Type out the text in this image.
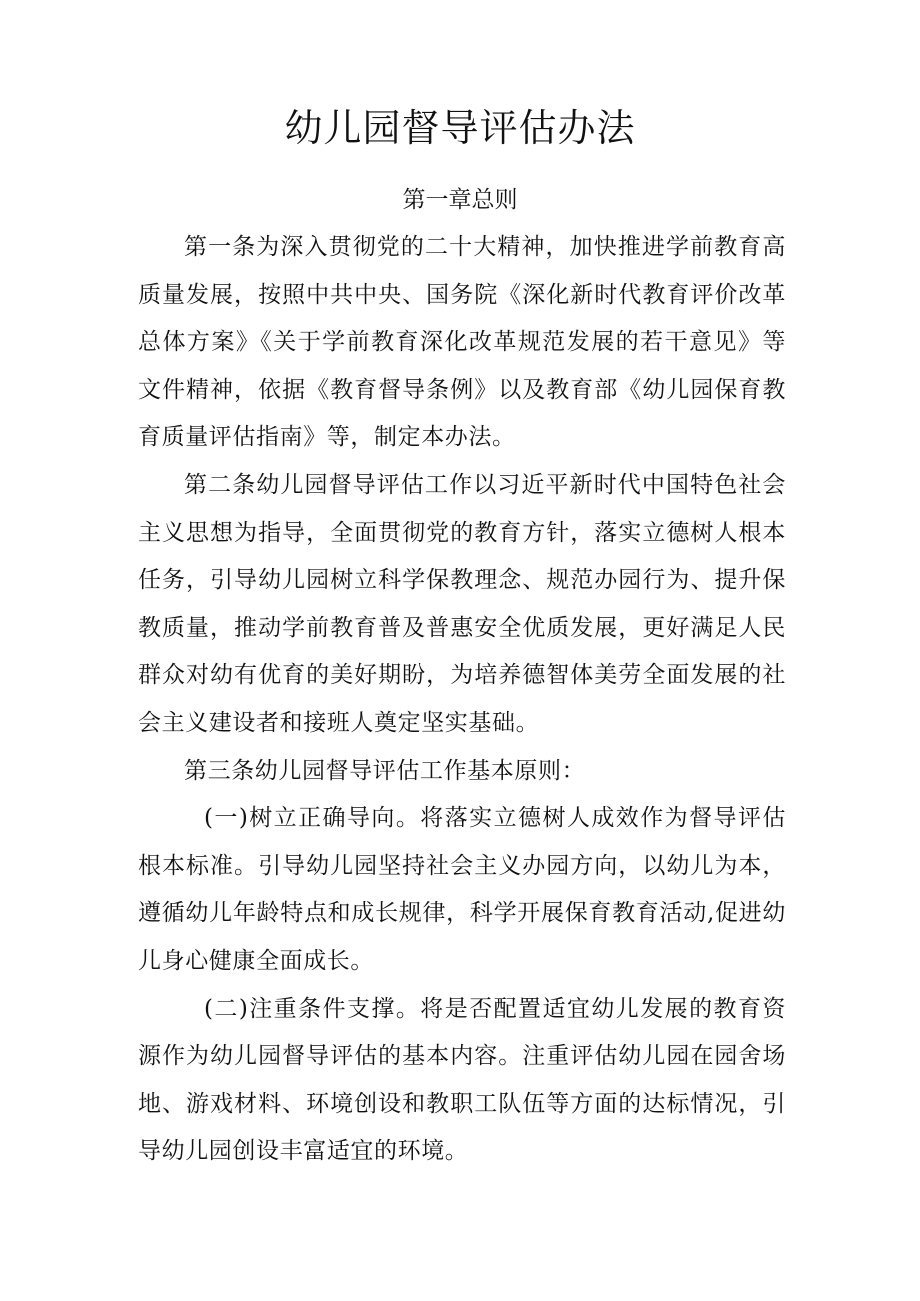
幼儿园督导评估办法
第一章总则

第一条为深入贯彻党的二十大精神，加快推进学前教育高质量发展，按照中共中央、国务院《深化新时代教育评价改革总体方案》《关于学前教育深化改革规范发展的若干意见》等文件精神，依据《教育督导条例》以及教育部《幼儿园保育教育质量评估指南》等，制定本办法。

第二条幼儿园督导评估工作以习近平新时代中国特色社会主义思想为指导，全面贯彻党的教育方针，落实立德树人根本任务，引导幼儿园树立科学保教理念、规范办园行为、提升保教质量，推动学前教育普及普惠安全优质发展，更好满足人民群众对幼有优育的美好期盼，为培养德智体美劳全面发展的社会主义建设者和接班人奠定坚实基础。

第三条幼儿园督导评估工作基本原则：

(一)树立正确导向。将落实立德树人成效作为督导评估根本标准。引导幼儿园坚持社会主义办园方向，以幼儿为本，遵循幼儿年龄特点和成长规律，科学开展保育教育活动,促进幼儿身心健康全面成长。

(二)注重条件支撑。将是否配置适宜幼儿发展的教育资源作为幼儿园督导评估的基本内容。注重评估幼儿园在园舍场地、游戏材料、环境创设和教职工队伍等方面的达标情况，引导幼儿园创设丰富适宜的环境。
